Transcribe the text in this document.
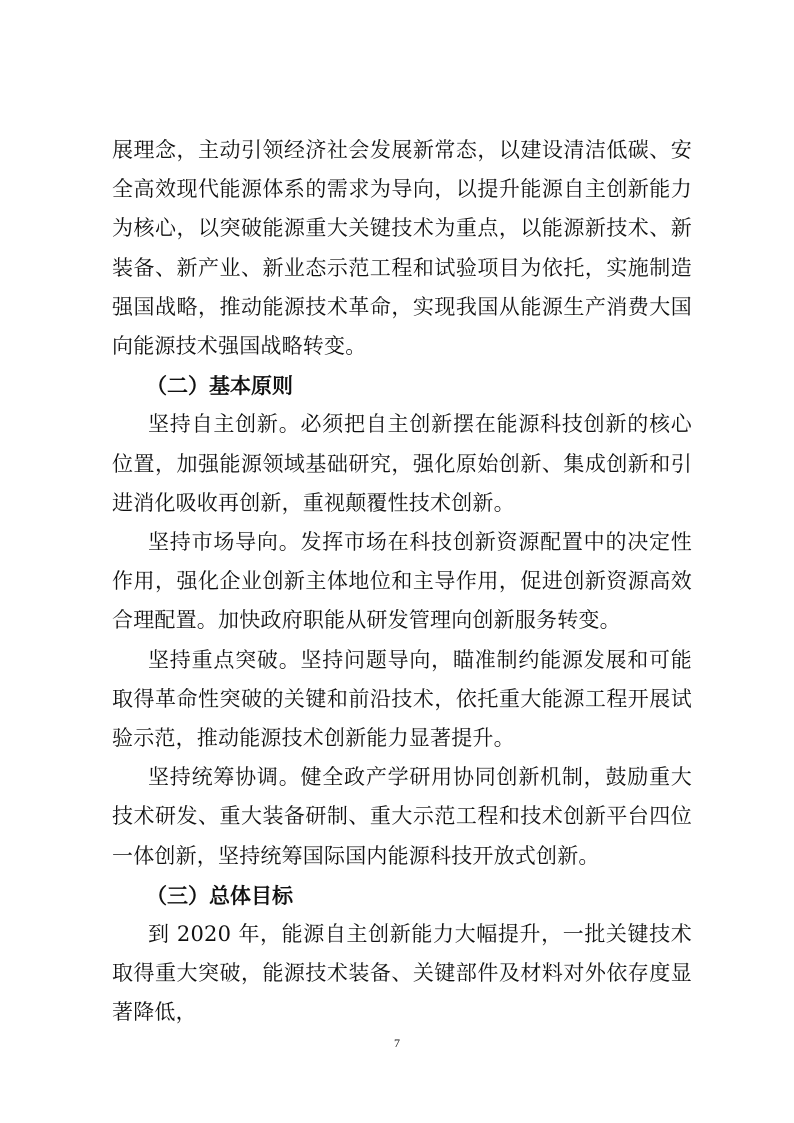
展理念，主动引领经济社会发展新常态，以建设清洁低碳、安全高效现代能源体系的需求为导向，以提升能源自主创新能力为核心，以突破能源重大关键技术为重点，以能源新技术、新装备、新产业、新业态示范工程和试验项目为依托，实施制造强国战略，推动能源技术革命，实现我国从能源生产消费大国向能源技术强国战略转变。

（二）基本原则

坚持自主创新。必须把自主创新摆在能源科技创新的核心位置，加强能源领域基础研究，强化原始创新、集成创新和引进消化吸收再创新，重视颠覆性技术创新。

坚持市场导向。发挥市场在科技创新资源配置中的决定性作用，强化企业创新主体地位和主导作用，促进创新资源高效合理配置。加快政府职能从研发管理向创新服务转变。

坚持重点突破。坚持问题导向，瞄准制约能源发展和可能取得革命性突破的关键和前沿技术，依托重大能源工程开展试验示范，推动能源技术创新能力显著提升。

坚持统筹协调。健全政产学研用协同创新机制，鼓励重大技术研发、重大装备研制、重大示范工程和技术创新平台四位一体创新，坚持统筹国际国内能源科技开放式创新。

（三）总体目标

到 2020 年，能源自主创新能力大幅提升，一批关键技术取得重大突破，能源技术装备、关键部件及材料对外依存度显著降低，

7
